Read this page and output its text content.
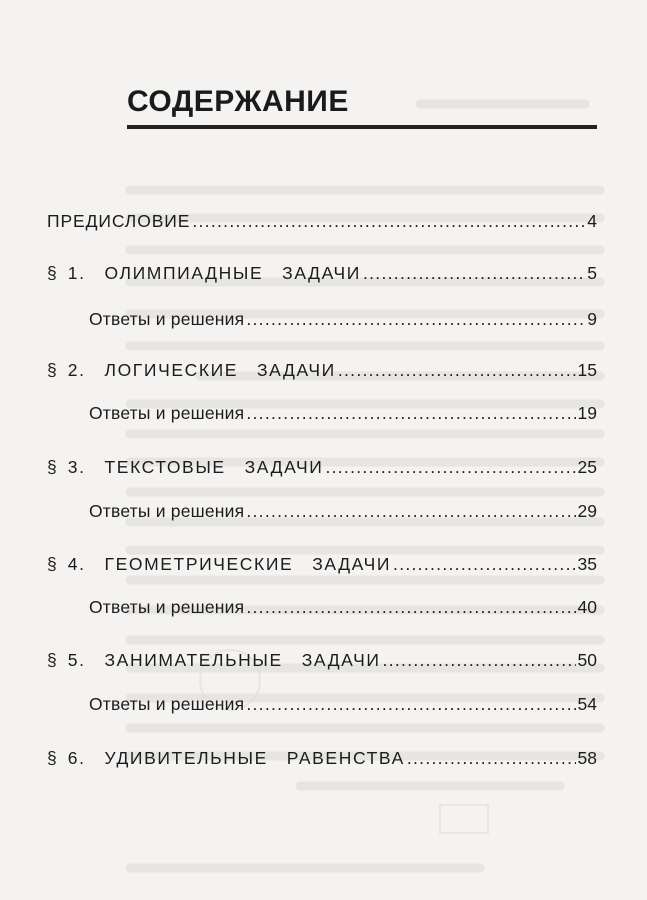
СОДЕРЖАНИЕ
ПРЕДИСЛОВИЕ .....	4
§ 1.  ОЛИМПИАДНЫЕ  ЗАДАЧИ .....	5
Ответы и решения .....	9
§ 2.  ЛОГИЧЕСКИЕ  ЗАДАЧИ .....	15
Ответы и решения .....	19
§ 3.  ТЕКСТОВЫЕ  ЗАДАЧИ .....	25
Ответы и решения .....	29
§ 4.  ГЕОМЕТРИЧЕСКИЕ  ЗАДАЧИ .....	35
Ответы и решения .....	40
§ 5.  ЗАНИМАТЕЛЬНЫЕ  ЗАДАЧИ .....	50
Ответы и решения .....	54
§ 6.  УДИВИТЕЛЬНЫЕ  РАВЕНСТВА .....	58
